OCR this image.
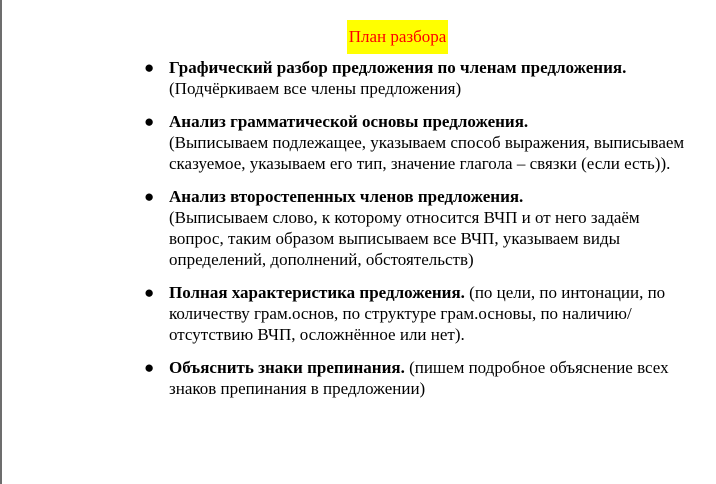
План разбора
● Графический разбор предложения по членам предложения. (Подчёркиваем все члены предложения)
● Анализ грамматической основы предложения.
(Выписываем подлежащее, указываем способ выражения, выписываем сказуемое, указываем его тип, значение глагола – связки (если есть)).
● Анализ второстепенных членов предложения.
(Выписываем слово, к которому относится ВЧП и от него задаём вопрос, таким образом выписываем все ВЧП, указываем виды определений, дополнений, обстоятельств)
● Полная характеристика предложения. (по цели, по интонации, по количеству грам.основ, по структуре грам.основы, по наличию/отсутствию ВЧП, осложнённое или нет).
● Объяснить знаки препинания. (пишем подробное объяснение всех знаков препинания в предложении)
